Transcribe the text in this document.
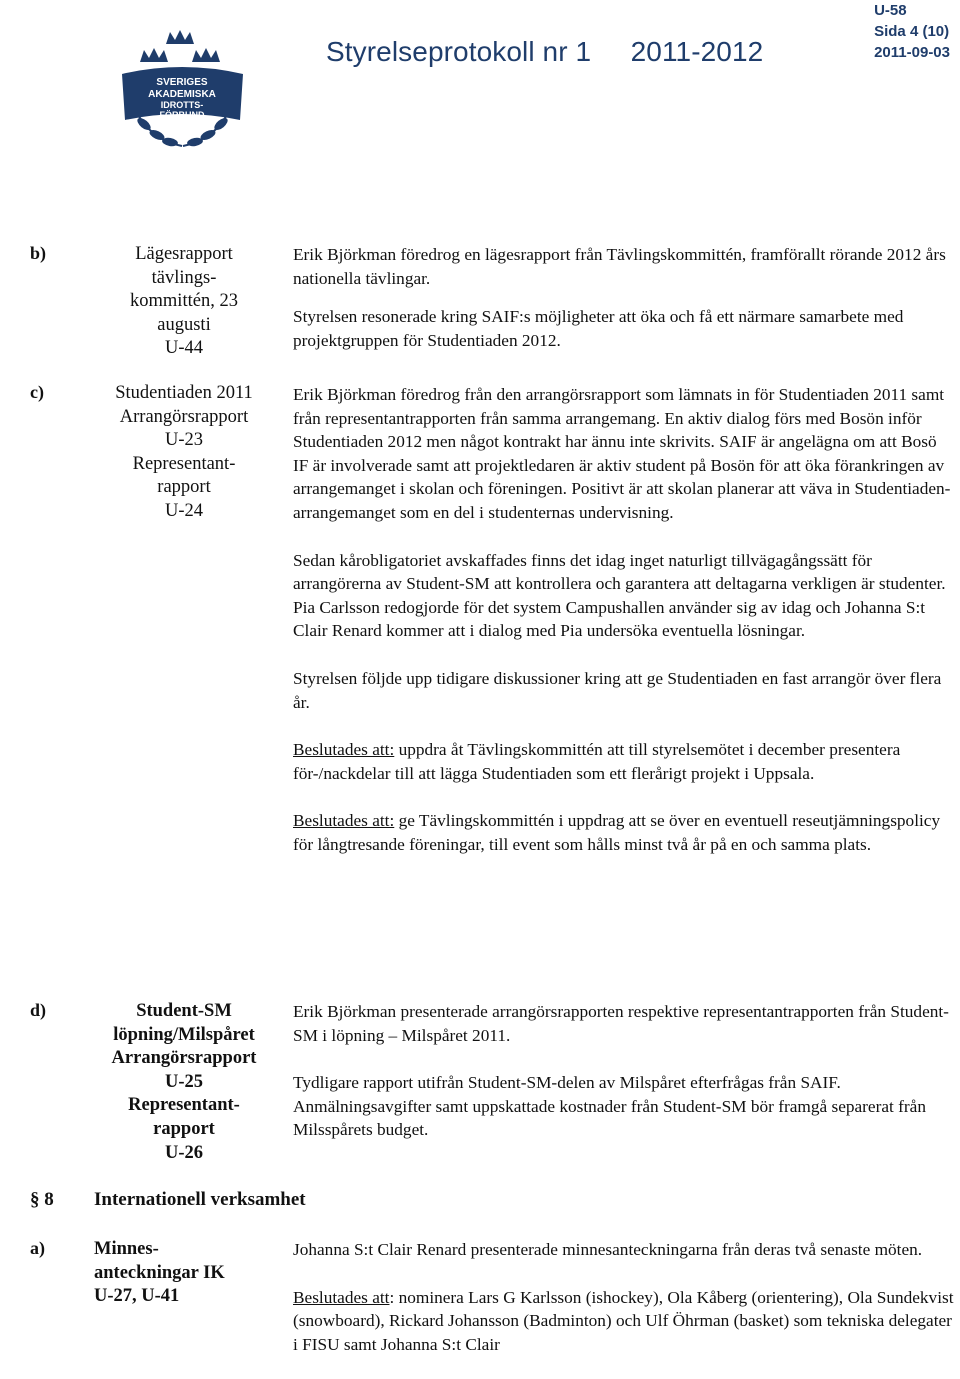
SVERIGES
AKADEMISKA
IDROTTS-
FÖRBUND
Styrelseprotokoll nr 1     2011-2012
U-58
Sida 4 (10)
2011-09-03
b)	Lägesrapport
tävlings-
kommittén, 23
augusti
U-44

Erik Björkman föredrog en lägesrapport från Tävlingskommittén, framförallt rörande 2012 års nationella tävlingar.

Styrelsen resonerade kring SAIF:s möjligheter att öka och få ett närmare samarbete med projektgruppen för Studentiaden 2012.

c)	Studentiaden 2011
Arrangörsrapport
U-23
Representant-
rapport
U-24

Erik Björkman föredrog från den arrangörsrapport som lämnats in för Studentiaden 2011 samt från representantrapporten från samma arrangemang. En aktiv dialog förs med Bosön inför Studentiaden 2012 men något kontrakt har ännu inte skrivits. SAIF är angelägna om att Bosö IF är involverade samt att projektledaren är aktiv student på Bosön för att öka förankringen av arrangemanget i skolan och föreningen. Positivt är att skolan planerar att väva in Studentiaden-arrangemanget som en del i studenternas undervisning.

Sedan kårobligatoriet avskaffades finns det idag inget naturligt tillvägagångssätt för arrangörerna av Student-SM att kontrollera och garantera att deltagarna verkligen är studenter. Pia Carlsson redogjorde för det system Campushallen använder sig av idag och Johanna S:t Clair Renard kommer att i dialog med Pia undersöka eventuella lösningar.

Styrelsen följde upp tidigare diskussioner kring att ge Studentiaden en fast arrangör över flera år.

Beslutades att: uppdra åt Tävlingskommittén att till styrelsemötet i december presentera för-/nackdelar till att lägga Studentiaden som ett flerårigt projekt i Uppsala.

Beslutades att: ge Tävlingskommittén i uppdrag att se över en eventuell reseutjämningspolicy för långtresande föreningar, till event som hålls minst två år på en och samma plats.

d)	Student-SM
löpning/Milspåret
Arrangörsrapport
U-25
Representant-
rapport
U-26

Erik Björkman presenterade arrangörsrapporten respektive representantrapporten från Student-SM i löpning – Milspåret 2011.

Tydligare rapport utifrån Student-SM-delen av Milspåret efterfrågas från SAIF. Anmälningsavgifter samt uppskattade kostnader från Student-SM bör framgå separerat från Milsspårets budget.

§ 8 Internationell verksamhet
a)	Minnes-
anteckningar IK
U-27, U-41

Johanna S:t Clair Renard presenterade minnesanteckningarna från deras två senaste möten.

Beslutades att: nominera Lars G Karlsson (ishockey), Ola Kåberg (orientering), Ola Sundekvist (snowboard), Rickard Johansson (Badminton) och Ulf Öhrman (basket) som tekniska delegater i FISU samt Johanna S:t Clair
